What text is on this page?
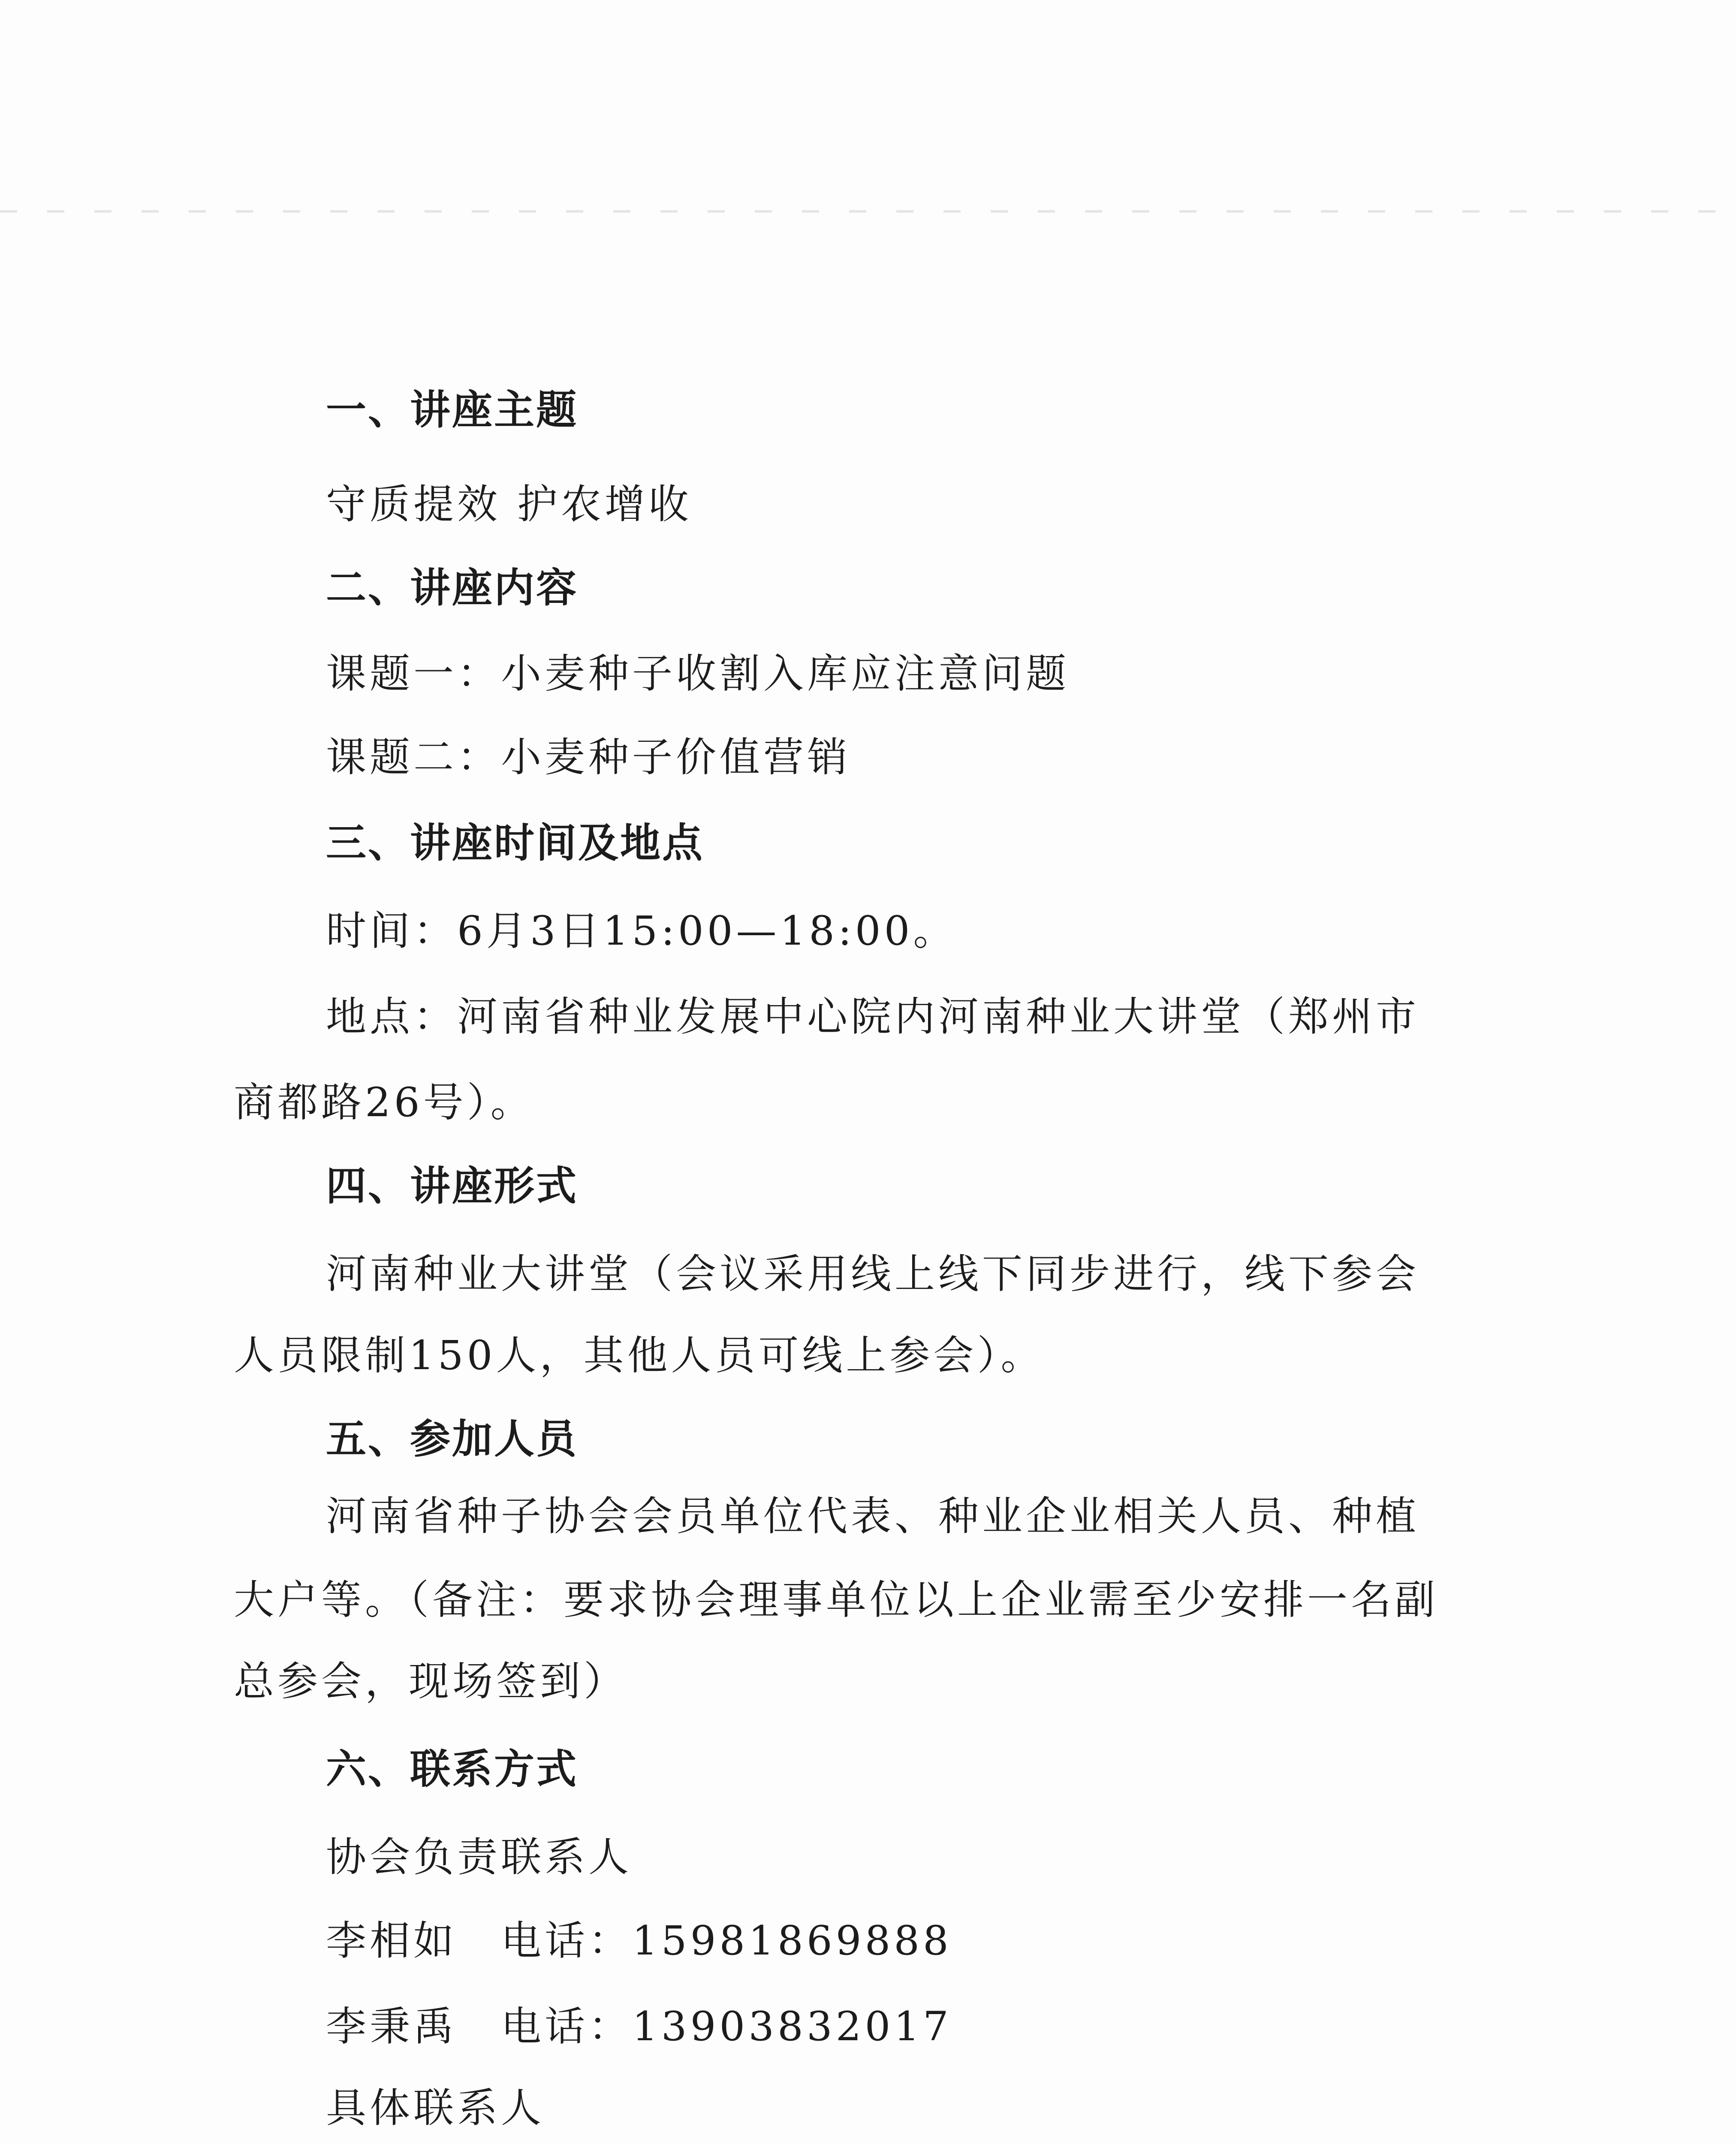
一、讲座主题
守质提效 护农增收
二、讲座内容
课题一：小麦种子收割入库应注意问题
课题二：小麦种子价值营销
三、讲座时间及地点
时间：6月3日15:00—18:00。
地点：河南省种业发展中心院内河南种业大讲堂（郑州市
商都路26号）。
四、讲座形式
河南种业大讲堂（会议采用线上线下同步进行，线下参会
人员限制150人，其他人员可线上参会）。
五、参加人员
河南省种子协会会员单位代表、种业企业相关人员、种植
大户等。（备注：要求协会理事单位以上企业需至少安排一名副
总参会，现场签到）
六、联系方式
协会负责联系人
李相如　电话：15981869888
李秉禹　电话：13903832017
具体联系人
